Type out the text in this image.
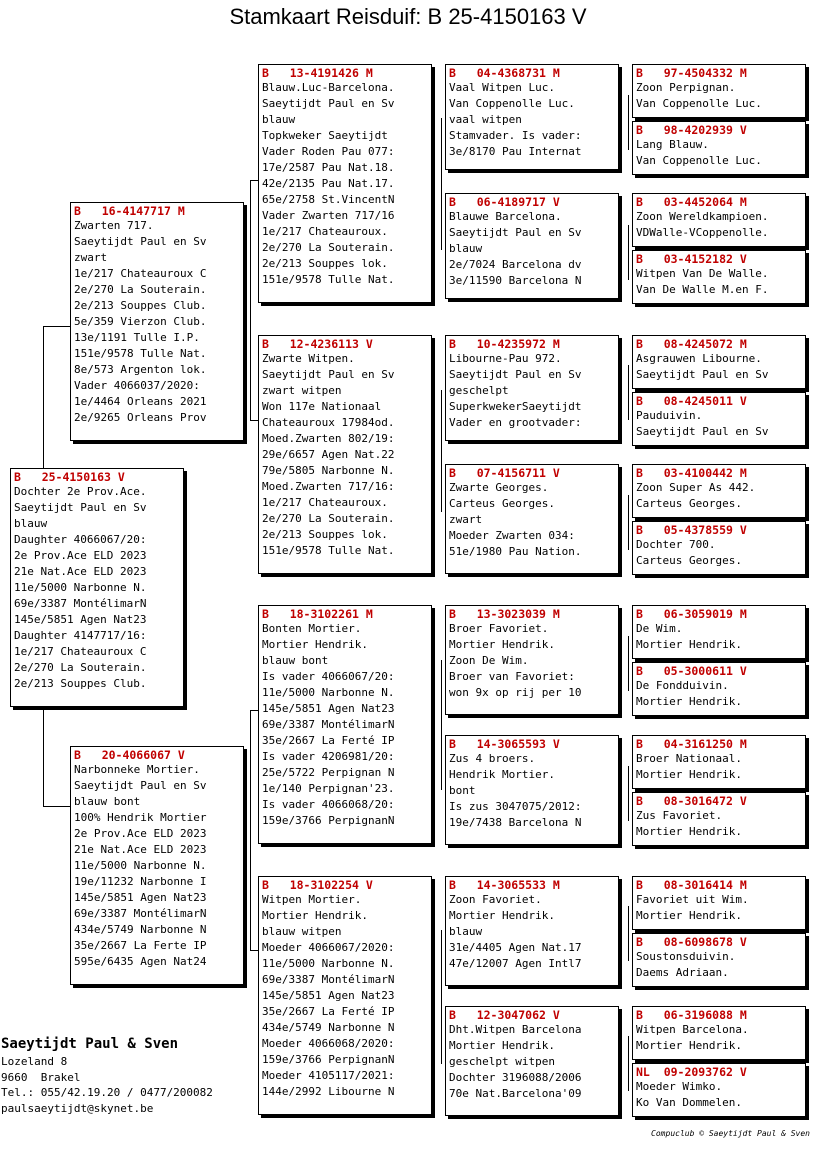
Stamkaart Reisduif: B 25-4150163 V
B   25-4150163 V
Dochter 2e Prov.Ace.
Saeytijdt Paul en Sv
blauw
Daughter 4066067/20:
2e Prov.Ace ELD 2023
21e Nat.Ace ELD 2023
11e/5000 Narbonne N.
69e/3387 MontélimarN
145e/5851 Agen Nat23
Daughter 4147717/16:
1e/217 Chateauroux C
2e/270 La Souterain.
2e/213 Souppes Club.
B   16-4147717 M
Zwarten 717.
Saeytijdt Paul en Sv
zwart
1e/217 Chateauroux C
2e/270 La Souterain.
2e/213 Souppes Club.
5e/359 Vierzon Club.
13e/1191 Tulle I.P.
151e/9578 Tulle Nat.
8e/573 Argenton lok.
Vader 4066037/2020:
1e/4464 Orleans 2021
2e/9265 Orleans Prov
B   20-4066067 V
Narbonneke Mortier.
Saeytijdt Paul en Sv
blauw bont
100% Hendrik Mortier
2e Prov.Ace ELD 2023
21e Nat.Ace ELD 2023
11e/5000 Narbonne N.
19e/11232 Narbonne I
145e/5851 Agen Nat23
69e/3387 MontélimarN
434e/5749 Narbonne N
35e/2667 La Ferte IP
595e/6435 Agen Nat24
B   13-4191426 M
Blauw.Luc-Barcelona.
Saeytijdt Paul en Sv
blauw
Topkweker Saeytijdt
Vader Roden Pau 077:
17e/2587 Pau Nat.18.
42e/2135 Pau Nat.17.
65e/2758 St.VincentN
Vader Zwarten 717/16
1e/217 Chateauroux.
2e/270 La Souterain.
2e/213 Souppes lok.
151e/9578 Tulle Nat.
B   12-4236113 V
Zwarte Witpen.
Saeytijdt Paul en Sv
zwart witpen
Won 117e Nationaal
Chateauroux 17984od.
Moed.Zwarten 802/19:
29e/6657 Agen Nat.22
79e/5805 Narbonne N.
Moed.Zwarten 717/16:
1e/217 Chateauroux.
2e/270 La Souterain.
2e/213 Souppes lok.
151e/9578 Tulle Nat.
B   18-3102261 M
Bonten Mortier.
Mortier Hendrik.
blauw bont
Is vader 4066067/20:
11e/5000 Narbonne N.
145e/5851 Agen Nat23
69e/3387 MontélimarN
35e/2667 La Ferté IP
Is vader 4206981/20:
25e/5722 Perpignan N
1e/140 Perpignan'23.
Is vader 4066068/20:
159e/3766 PerpignanN
B   18-3102254 V
Witpen Mortier.
Mortier Hendrik.
blauw witpen
Moeder 4066067/2020:
11e/5000 Narbonne N.
69e/3387 MontélimarN
145e/5851 Agen Nat23
35e/2667 La Ferté IP
434e/5749 Narbonne N
Moeder 4066068/2020:
159e/3766 PerpignanN
Moeder 4105117/2021:
144e/2992 Libourne N
B   04-4368731 M
Vaal Witpen Luc.
Van Coppenolle Luc.
vaal witpen
Stamvader. Is vader:
3e/8170 Pau Internat
B   06-4189717 V
Blauwe Barcelona.
Saeytijdt Paul en Sv
blauw
2e/7024 Barcelona dv
3e/11590 Barcelona N
B   10-4235972 M
Libourne-Pau 972.
Saeytijdt Paul en Sv
geschelpt
SuperkwekerSaeytijdt
Vader en grootvader:
B   07-4156711 V
Zwarte Georges.
Carteus Georges.
zwart
Moeder Zwarten 034:
51e/1980 Pau Nation.
B   13-3023039 M
Broer Favoriet.
Mortier Hendrik.
Zoon De Wim.
Broer van Favoriet:
won 9x op rij per 10
B   14-3065593 V
Zus 4 broers.
Hendrik Mortier.
bont
Is zus 3047075/2012:
19e/7438 Barcelona N
B   14-3065533 M
Zoon Favoriet.
Mortier Hendrik.
blauw
31e/4405 Agen Nat.17
47e/12007 Agen Intl7
B   12-3047062 V
Dht.Witpen Barcelona
Mortier Hendrik.
geschelpt witpen
Dochter 3196088/2006
70e Nat.Barcelona'09
B   97-4504332 M
Zoon Perpignan.
Van Coppenolle Luc.
B   98-4202939 V
Lang Blauw.
Van Coppenolle Luc.
B   03-4452064 M
Zoon Wereldkampioen.
VDWalle-VCoppenolle.
B   03-4152182 V
Witpen Van De Walle.
Van De Walle M.en F.
B   08-4245072 M
Asgrauwen Libourne.
Saeytijdt Paul en Sv
B   08-4245011 V
Pauduivin.
Saeytijdt Paul en Sv
B   03-4100442 M
Zoon Super As 442.
Carteus Georges.
B   05-4378559 V
Dochter 700.
Carteus Georges.
B   06-3059019 M
De Wim.
Mortier Hendrik.
B   05-3000611 V
De Fondduivin.
Mortier Hendrik.
B   04-3161250 M
Broer Nationaal.
Mortier Hendrik.
B   08-3016472 V
Zus Favoriet.
Mortier Hendrik.
B   08-3016414 M
Favoriet uit Wim.
Mortier Hendrik.
B   08-6098678 V
Soustonsduivin.
Daems Adriaan.
B   06-3196088 M
Witpen Barcelona.
Mortier Hendrik.
NL  09-2093762 V
Moeder Wimko.
Ko Van Dommelen.
Saeytijdt Paul & Sven
Lozeland 8
9660  Brakel
Tel.: 055/42.19.20 / 0477/200082
paulsaeytijdt@skynet.be
Compuclub © Saeytijdt Paul & Sven
